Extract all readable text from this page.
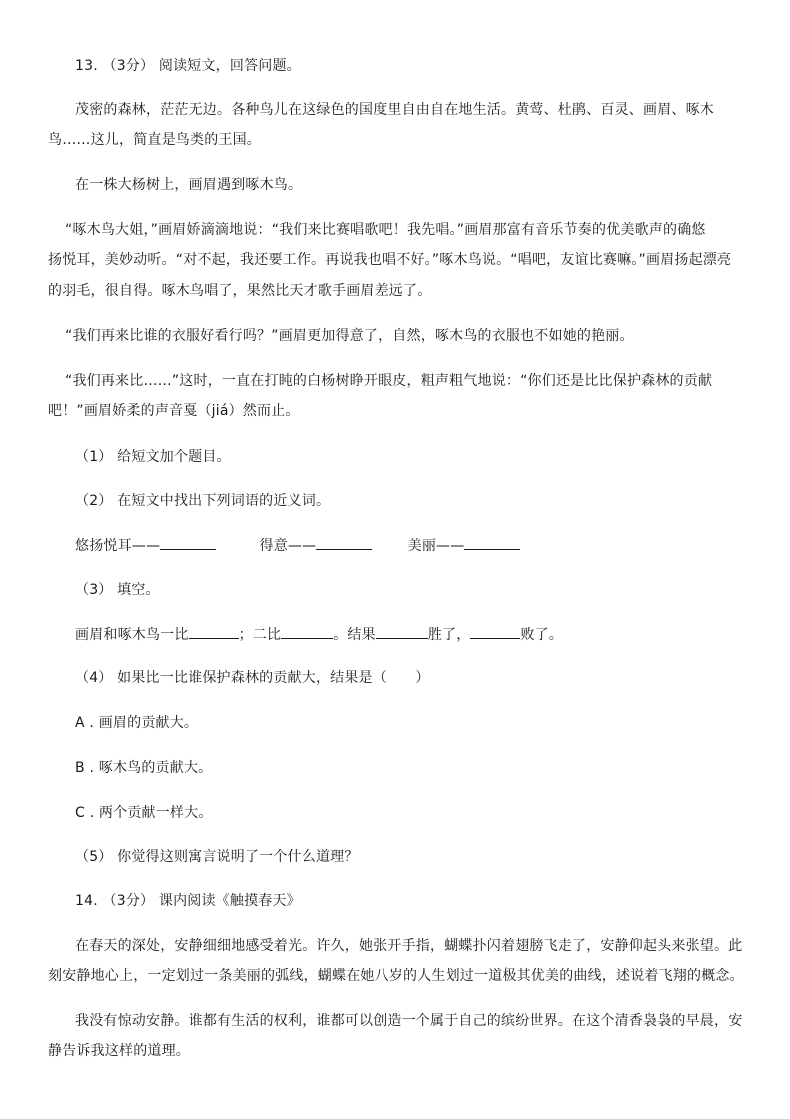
13. （3分） 阅读短文，回答问题。
茂密的森林，茫茫无边。各种鸟儿在这绿色的国度里自由自在地生活。黄莺、杜鹃、百灵、画眉、啄木
鸟……这儿，简直是鸟类的王国。
在一株大杨树上，画眉遇到啄木鸟。
“啄木鸟大姐，”画眉娇滴滴地说：“我们来比赛唱歌吧！我先唱。”画眉那富有音乐节奏的优美歌声的确悠
扬悦耳，美妙动听。“对不起，我还要工作。再说我也唱不好。”啄木鸟说。“唱吧，友谊比赛嘛。”画眉扬起漂亮
的羽毛，很自得。啄木鸟唱了，果然比天才歌手画眉差远了。
“我们再来比谁的衣服好看行吗？”画眉更加得意了，自然，啄木鸟的衣服也不如她的艳丽。
“我们再来比……”这时，一直在打盹的白杨树睁开眼皮，粗声粗气地说：“你们还是比比保护森林的贡献
吧！”画眉娇柔的声音戛（jiá）然而止。
（1） 给短文加个题目。
（2） 在短文中找出下列词语的近义词。
悠扬悦耳——	得意——	美丽——
（3） 填空。
画眉和啄木鸟一比	；二比	。结果	胜了，	败了。
（4） 如果比一比谁保护森林的贡献大，结果是（　　）
A . 画眉的贡献大。
B . 啄木鸟的贡献大。
C . 两个贡献一样大。
（5） 你觉得这则寓言说明了一个什么道理？
14. （3分） 课内阅读《触摸春天》
在春天的深处，安静细细地感受着光。许久，她张开手指，蝴蝶扑闪着翅膀飞走了，安静仰起头来张望。此
刻安静地心上，一定划过一条美丽的弧线，蝴蝶在她八岁的人生划过一道极其优美的曲线，述说着飞翔的概念。
我没有惊动安静。谁都有生活的权利，谁都可以创造一个属于自己的缤纷世界。在这个清香袅袅的早晨，安
静告诉我这样的道理。
